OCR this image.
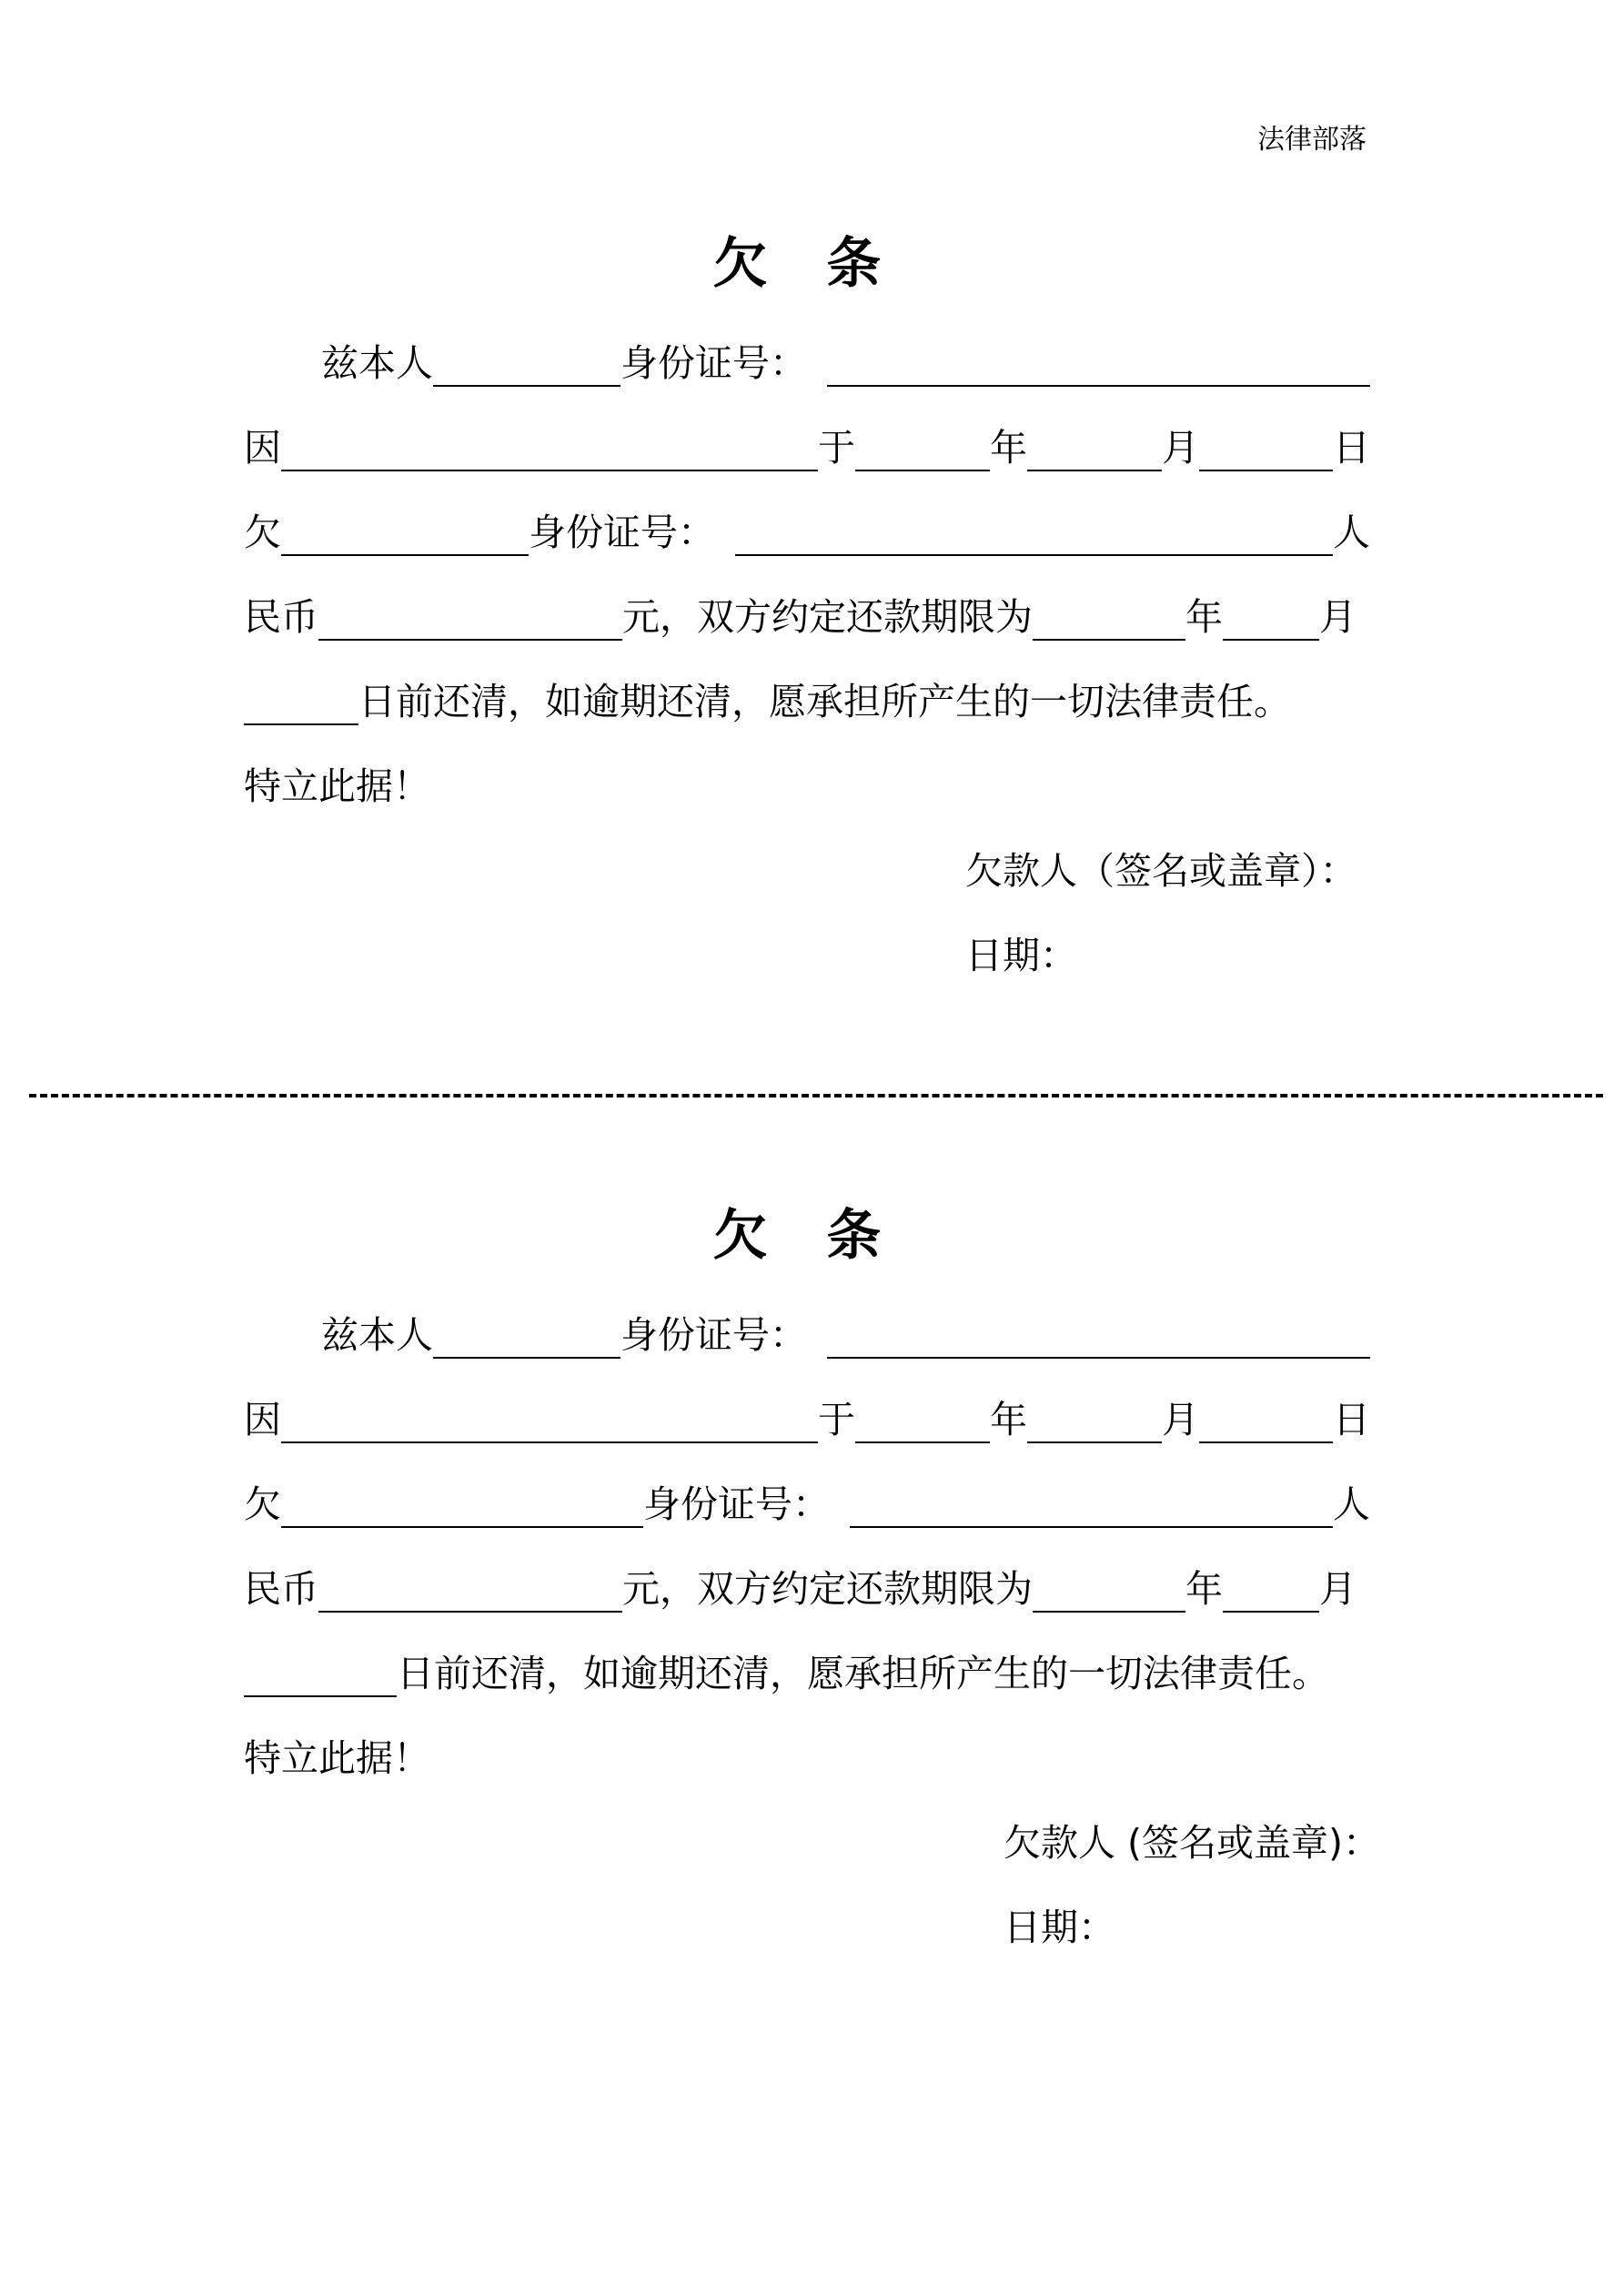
法律部落
欠 条
兹本人	身份证号：
因	于	年	月	日
欠	身份证号：	人
民币	元，双方约定还款期限为	年	月
日前还清，如逾期还清，愿承担所产生的一切法律责任。
特立此据！
欠款人（签名或盖章）：
日期：
欠 条
兹本人	身份证号：
因	于	年	月	日
欠	身份证号：	人
民币	元，双方约定还款期限为	年	月
日前还清，如逾期还清，愿承担所产生的一切法律责任。
特立此据！
欠款人 (签名或盖章)：
日期：
